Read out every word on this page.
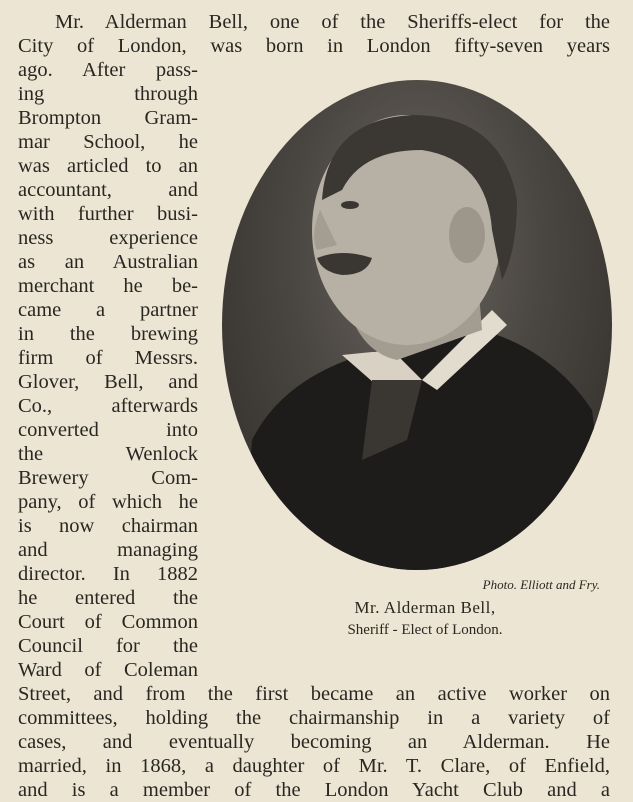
Mr. Alderman Bell, one of the Sheriffs-elect for the

City of London, was born in London fifty-seven years

ago. After pass-

ing through

Brompton Gram-

mar School, he

was articled to an

accountant, and

with further busi-

ness experience

as an Australian

merchant he be-

came a partner

in the brewing

firm of Messrs.

Glover, Bell, and

Co., afterwards

converted into

the Wenlock

Brewery Com-

pany, of which he

is now chairman

and managing

director. In 1882

he entered the

Court of Common

Council for the

Ward of Coleman

Street, and from the first became an active worker on

committees, holding the chairmanship in a variety of

cases, and eventually becoming an Alderman. He

married, in 1868, a daughter of Mr. T. Clare, of Enfield,

and is a member of the London Yacht Club and a

Photo. Elliott and Fry.
Mr. Alderman Bell,
Sheriff - Elect of London.
